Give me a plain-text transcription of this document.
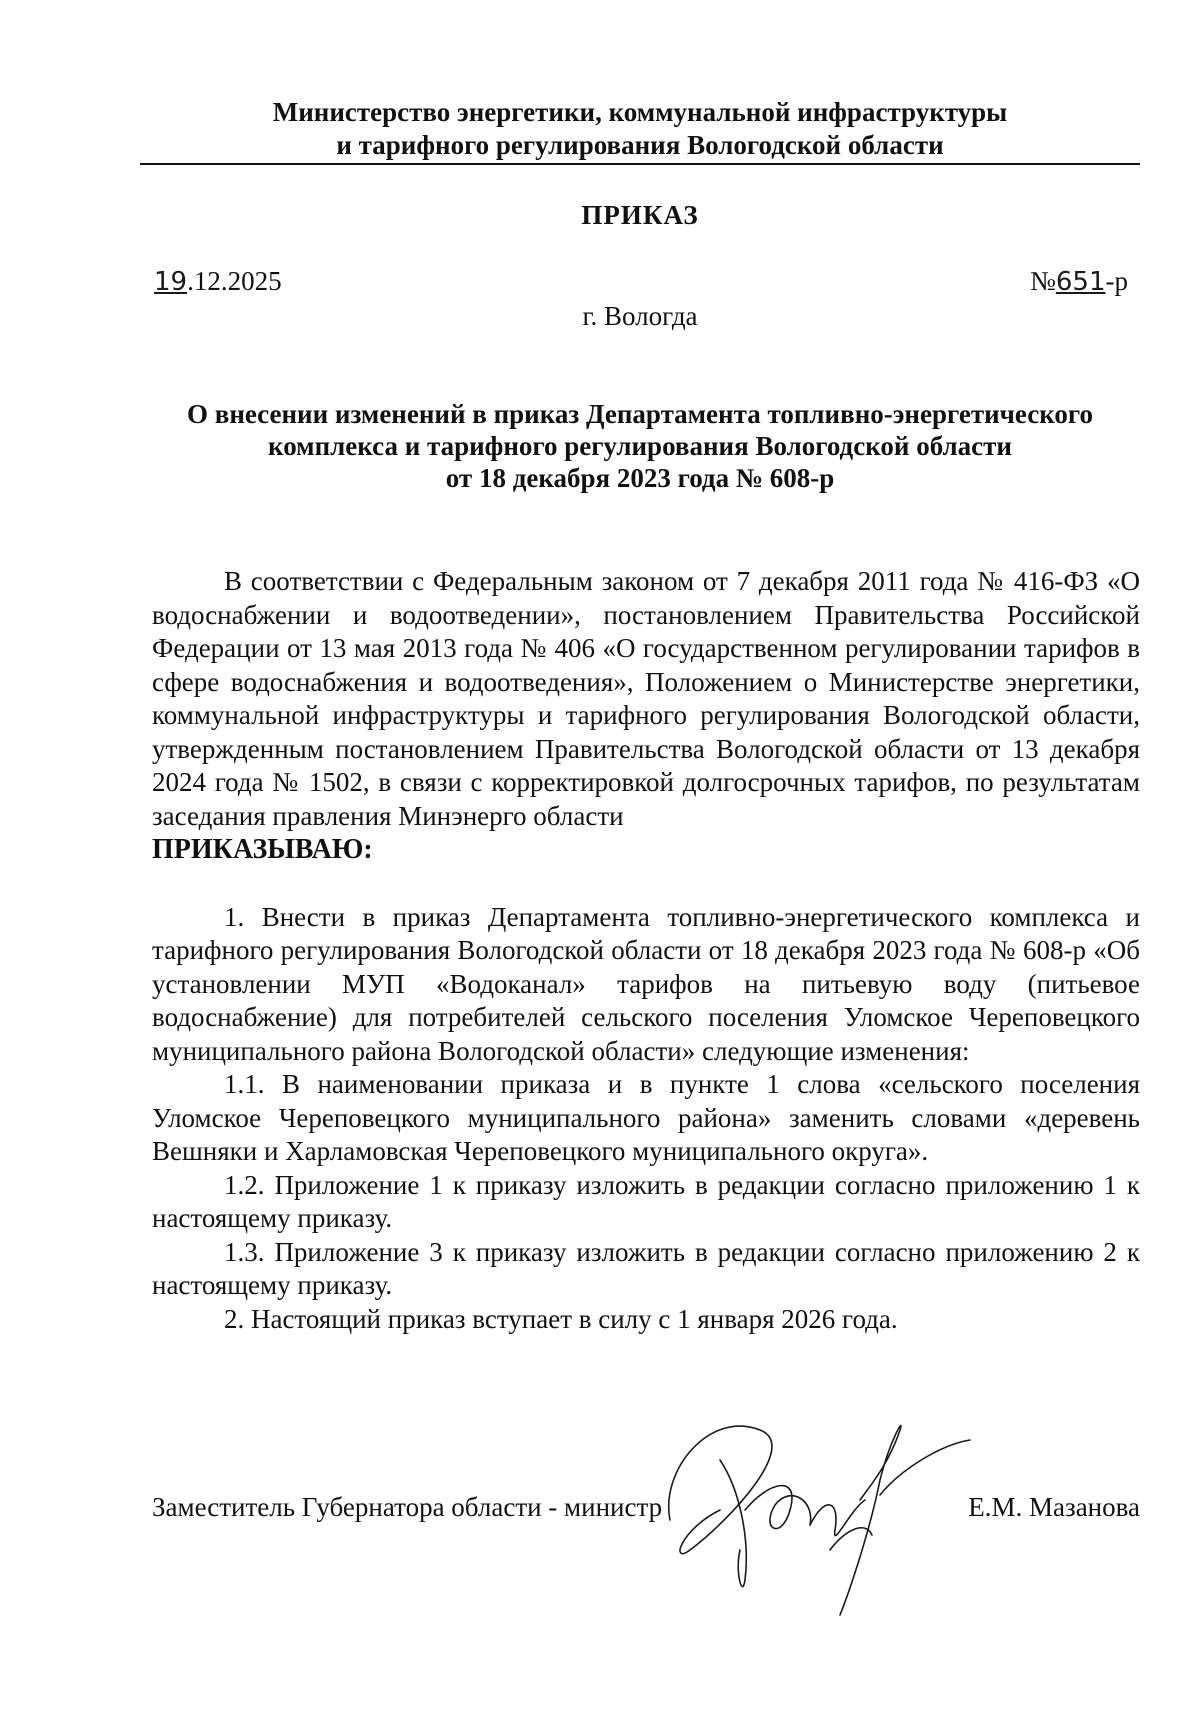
Министерство энергетики, коммунальной инфраструктуры
и тарифного регулирования Вологодской области
ПРИКАЗ
19.12.2025	№651-р
г. Вологда
О внесении изменений в приказ Департамента топливно-энергетического
комплекса и тарифного регулирования Вологодской области
от 18 декабря 2023 года № 608-р

В соответствии с Федеральным законом от 7 декабря 2011 года № 416-ФЗ «О водоснабжении и водоотведении», постановлением Правительства Российской Федерации от 13 мая 2013 года № 406 «О государственном регулировании тарифов в сфере водоснабжения и водоотведения», Положением о Министерстве энергетики, коммунальной инфраструктуры и тарифного регулирования Вологодской области, утвержденным постановлением Правительства Вологодской области от 13 декабря 2024 года № 1502, в связи с корректировкой долгосрочных тарифов, по результатам заседания правления Минэнерго области

ПРИКАЗЫВАЮ:

1. Внести в приказ Департамента топливно-энергетического комплекса и тарифного регулирования Вологодской области от 18 декабря 2023 года № 608-р «Об установлении МУП «Водоканал» тарифов на питьевую воду (питьевое водоснабжение) для потребителей сельского поселения Уломское Череповецкого муниципального района Вологодской области» следующие изменения:

1.1. В наименовании приказа и в пункте 1 слова «сельского поселения Уломское Череповецкого муниципального района» заменить словами «деревень Вешняки и Харламовская Череповецкого муниципального округа».

1.2. Приложение 1 к приказу изложить в редакции согласно приложению 1 к настоящему приказу.

1.3. Приложение 3 к приказу изложить в редакции согласно приложению 2 к настоящему приказу.

2. Настоящий приказ вступает в силу с 1 января 2026 года.

Заместитель Губернатора области - министр	Е.М. Мазанова
